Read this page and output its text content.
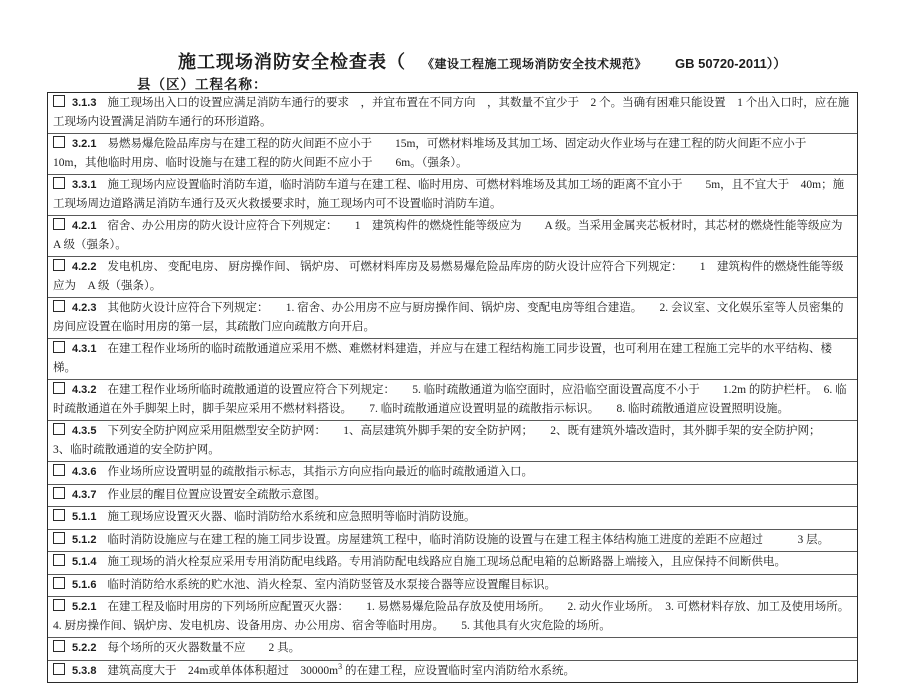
施工现场消防安全检查表（ 《建设工程施工现场消防安全技术规范》 GB 50720-2011））
县（区）工程名称：
3.1.3 施工现场出入口的设置应满足消防车通行的要求　，并宜布置在不同方向　，其数量不宜少于　2 个。当确有困难只能设置　1 个出入口时，应在施工现场内设置满足消防车通行的环形道路。
3.2.1 易燃易爆危险品库房与在建工程的防火间距不应小于　　15m，可燃材料堆场及其加工场、固定动火作业场与在建工程的防火间距不应小于　　10m，其他临时用房、临时设施与在建工程的防火间距不应小于　　6m。（强条）。
3.3.1 施工现场内应设置临时消防车道，临时消防车道与在建工程、临时用房、可燃材料堆场及其加工场的距离不宜小于　　5m，且不宜大于　40m；施工现场周边道路满足消防车通行及灭火救援要求时，施工现场内可不设置临时消防车道。
4.2.1 宿舍、办公用房的防火设计应符合下列规定：　　1　建筑构件的燃烧性能等级应为　　A 级。当采用金属夹芯板材时，其芯材的燃烧性能等级应为　　A 级（强条）。
4.2.2 发电机房、 变配电房、 厨房操作间、 锅炉房、 可燃材料库房及易燃易爆危险品库房的防火设计应符合下列规定：　　1　建筑构件的燃烧性能等级应为　A 级（强条）。
4.2.3 其他防火设计应符合下列规定：　　1. 宿舍、办公用房不应与厨房操作间、锅炉房、变配电房等组合建造。　　2. 会议室、文化娱乐室等人员密集的房间应设置在临时用房的第一层，其疏散门应向疏散方向开启。
4.3.1 在建工程作业场所的临时疏散通道应采用不燃、难燃材料建造，并应与在建工程结构施工同步设置，也可利用在建工程施工完毕的水平结构、楼梯。
4.3.2 在建工程作业场所临时疏散通道的设置应符合下列规定：　　5. 临时疏散通道为临空面时，应沿临空面设置高度不小于　　1.2m 的防护栏杆。　6. 临时疏散通道在外手脚架上时，脚手架应采用不燃材料搭设。　　7. 临时疏散通道应设置明显的疏散指示标识。　　8. 临时疏散通道应设置照明设施。
4.3.5 下列安全防护网应采用阻燃型安全防护网：　　1、高层建筑外脚手架的安全防护网；　　2、既有建筑外墙改造时，其外脚手架的安全防护网；　　3、临时疏散通道的安全防护网。
4.3.6 作业场所应设置明显的疏散指示标志，其指示方向应指向最近的临时疏散通道入口。
4.3.7 作业层的醒目位置应设置安全疏散示意图。
5.1.1 施工现场应设置灭火器、临时消防给水系统和应急照明等临时消防设施。
5.1.2 临时消防设施应与在建工程的施工同步设置。房屋建筑工程中，临时消防设施的设置与在建工程主体结构施工进度的差距不应超过　　　3 层。
5.1.4 施工现场的消火栓泵应采用专用消防配电线路。专用消防配电线路应自施工现场总配电箱的总断路器上端接入，且应保持不间断供电。
5.1.6 临时消防给水系统的贮水池、消火栓泵、室内消防竖管及水泵接合器等应设置醒目标识。
5.2.1 在建工程及临时用房的下列场所应配置灭火器：　　1. 易燃易爆危险品存放及使用场所。　　2. 动火作业场所。　3. 可燃材料存放、加工及使用场所。　　4. 厨房操作间、锅炉房、发电机房、设备用房、办公用房、宿舍等临时用房。　　5. 其他具有火灾危险的场所。
5.2.2 每个场所的灭火器数量不应　　2 具。
5.3.8 建筑高度大于　24m或单体体积超过　$30000m^3$ 的在建工程，应设置临时室内消防给水系统。
